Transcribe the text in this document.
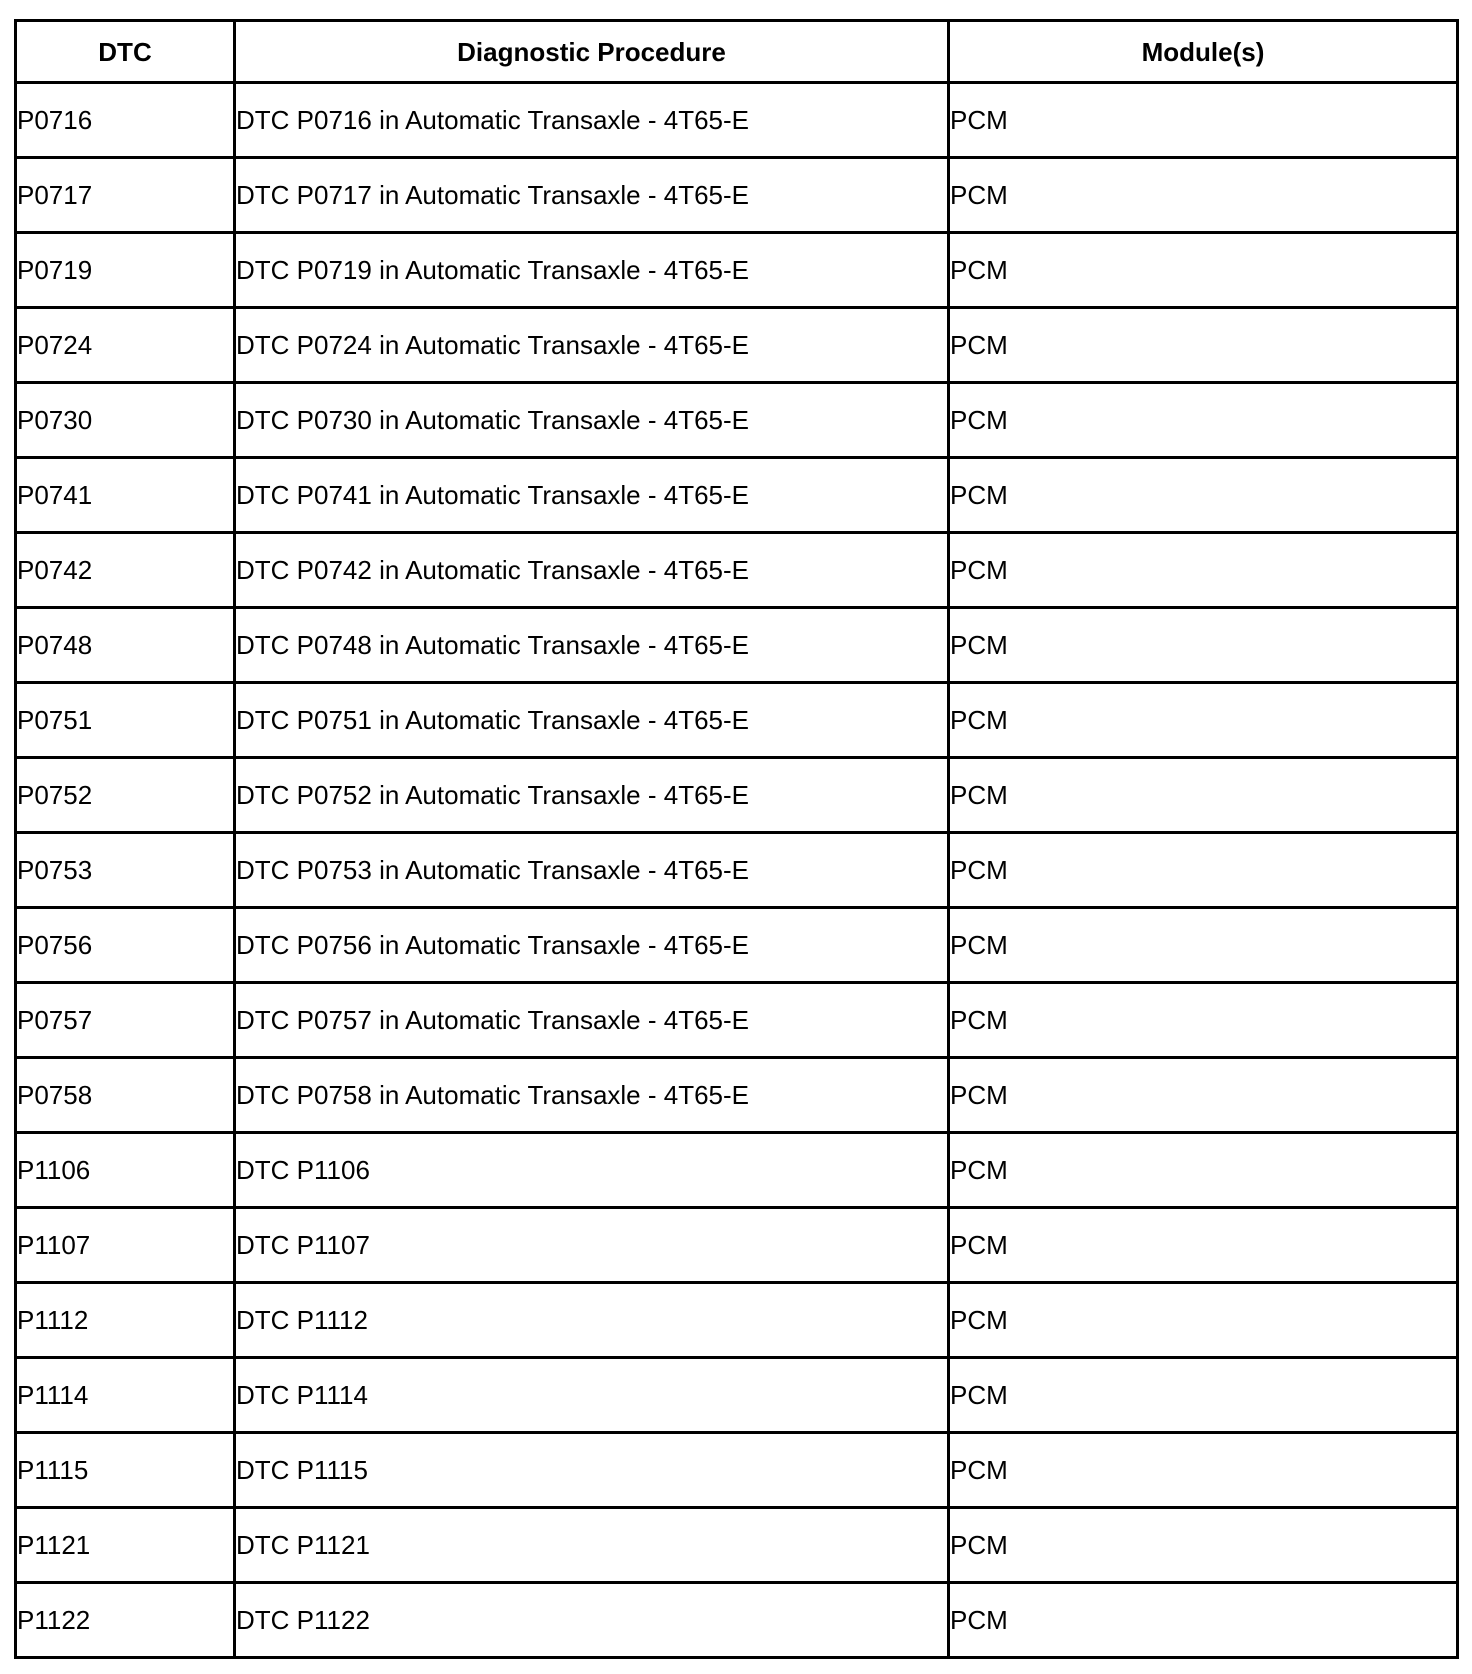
DTC	Diagnostic Procedure	Module(s)
P0716	DTC P0716 in Automatic Transaxle - 4T65-E	PCM
P0717	DTC P0717 in Automatic Transaxle - 4T65-E	PCM
P0719	DTC P0719 in Automatic Transaxle - 4T65-E	PCM
P0724	DTC P0724 in Automatic Transaxle - 4T65-E	PCM
P0730	DTC P0730 in Automatic Transaxle - 4T65-E	PCM
P0741	DTC P0741 in Automatic Transaxle - 4T65-E	PCM
P0742	DTC P0742 in Automatic Transaxle - 4T65-E	PCM
P0748	DTC P0748 in Automatic Transaxle - 4T65-E	PCM
P0751	DTC P0751 in Automatic Transaxle - 4T65-E	PCM
P0752	DTC P0752 in Automatic Transaxle - 4T65-E	PCM
P0753	DTC P0753 in Automatic Transaxle - 4T65-E	PCM
P0756	DTC P0756 in Automatic Transaxle - 4T65-E	PCM
P0757	DTC P0757 in Automatic Transaxle - 4T65-E	PCM
P0758	DTC P0758 in Automatic Transaxle - 4T65-E	PCM
P1106	DTC P1106	PCM
P1107	DTC P1107	PCM
P1112	DTC P1112	PCM
P1114	DTC P1114	PCM
P1115	DTC P1115	PCM
P1121	DTC P1121	PCM
P1122	DTC P1122	PCM
